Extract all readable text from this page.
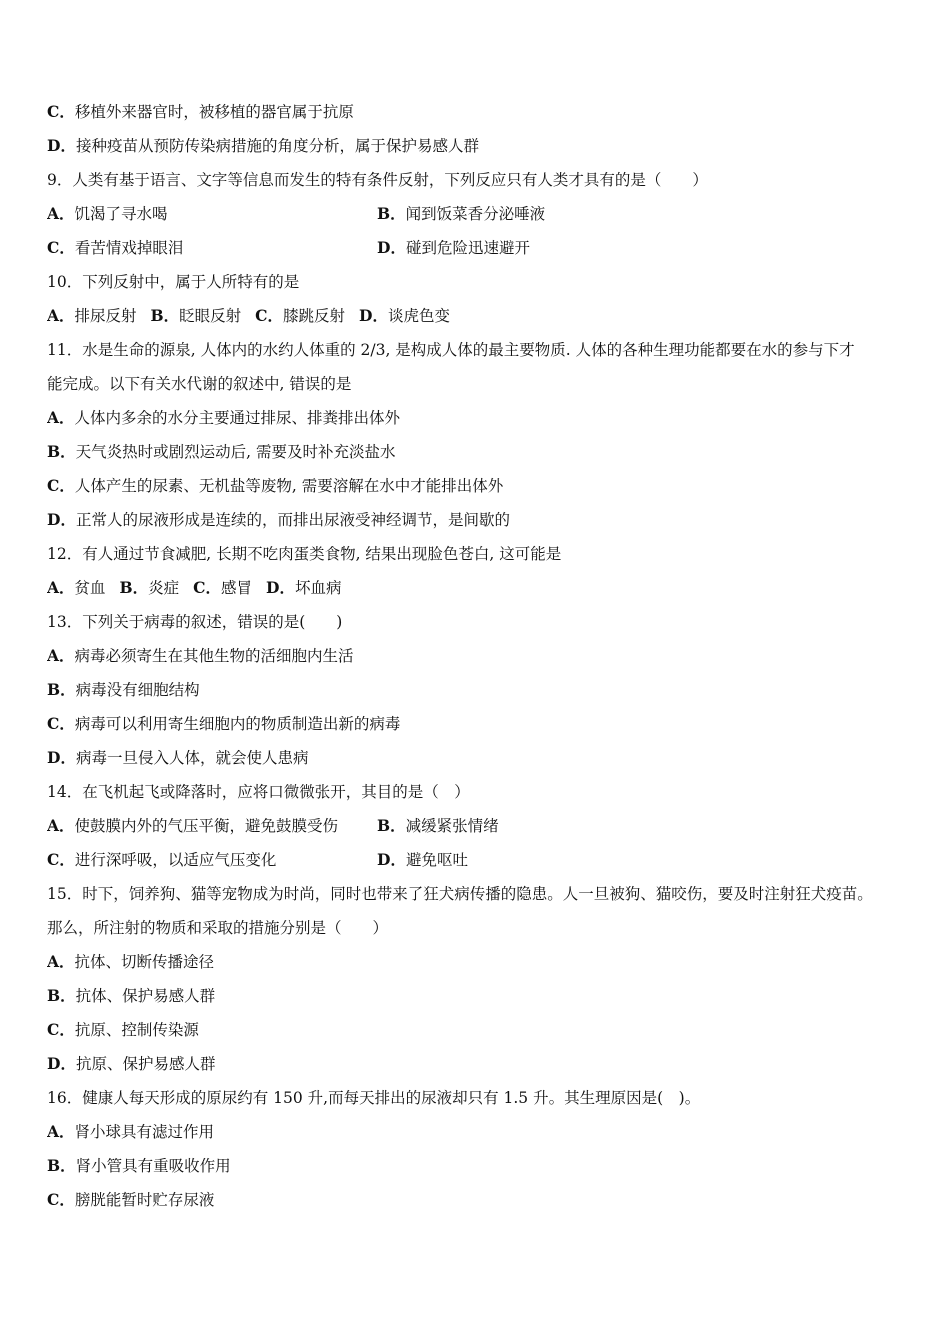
C．移植外来器官时，被移植的器官属于抗原
D．接种疫苗从预防传染病措施的角度分析，属于保护易感人群
9．人类有基于语言、文字等信息而发生的特有条件反射，下列反应只有人类才具有的是（　　）
A．饥渴了寻水喝	B．闻到饭菜香分泌唾液
C．看苦情戏掉眼泪	D．碰到危险迅速避开
10．下列反射中，属于人所特有的是
A．排尿反射 B．眨眼反射 C．膝跳反射 D．谈虎色变
11．水是生命的源泉, 人体内的水约人体重的 2/3, 是构成人体的最主要物质. 人体的各种生理功能都要在水的参与下才
能完成。以下有关水代谢的叙述中, 错误的是
A．人体内多余的水分主要通过排尿、排粪排出体外
B．天气炎热时或剧烈运动后, 需要及时补充淡盐水
C．人体产生的尿素、无机盐等废物, 需要溶解在水中才能排出体外
D．正常人的尿液形成是连续的，而排出尿液受神经调节，是间歇的
12．有人通过节食减肥, 长期不吃肉蛋类食物, 结果出现脸色苍白, 这可能是
A．贫血 B．炎症 C．感冒 D．坏血病
13．下列关于病毒的叙述，错误的是(　　)
A．病毒必须寄生在其他生物的活细胞内生活
B．病毒没有细胞结构
C．病毒可以利用寄生细胞内的物质制造出新的病毒
D．病毒一旦侵入人体，就会使人患病
14．在飞机起飞或降落时，应将口微微张开，其目的是（　）
A．使鼓膜内外的气压平衡，避免鼓膜受伤	B．减缓紧张情绪
C．进行深呼吸，以适应气压变化	D．避免呕吐
15．时下，饲养狗、猫等宠物成为时尚，同时也带来了狂犬病传播的隐患。人一旦被狗、猫咬伤，要及时注射狂犬疫苗。
那么，所注射的物质和采取的措施分别是（　　）
A．抗体、切断传播途径
B．抗体、保护易感人群
C．抗原、控制传染源
D．抗原、保护易感人群
16．健康人每天形成的原尿约有 150 升,而每天排出的尿液却只有 1.5 升。其生理原因是(　)。
A．肾小球具有滤过作用
B．肾小管具有重吸收作用
C．膀胱能暂时贮存尿液
